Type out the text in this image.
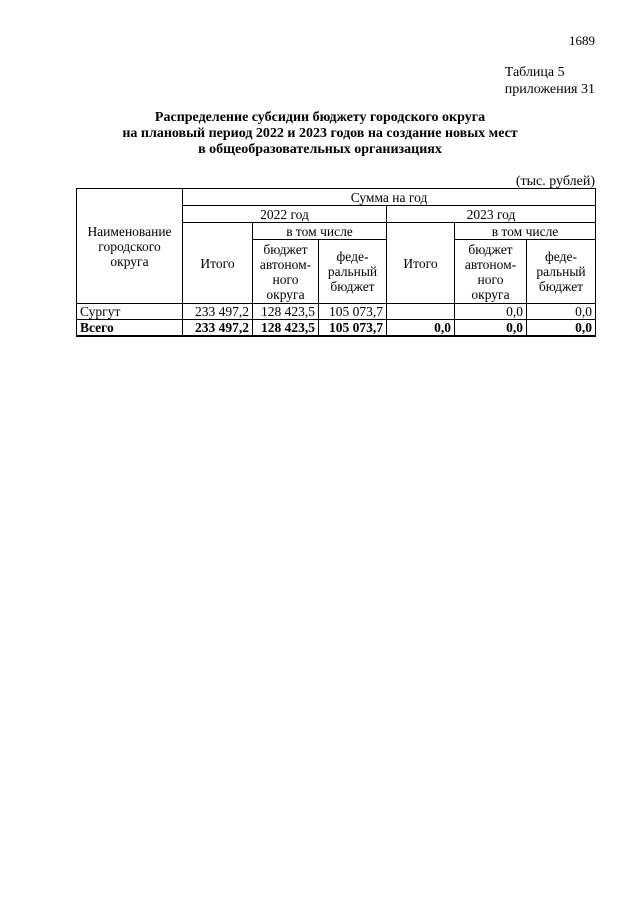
1689
Таблица 5
приложения 31
Распределение субсидии бюджету городского округа
на плановый период 2022 и 2023 годов на создание новых мест
в общеобразовательных организациях
(тыс. рублей)
Наименование городского округа	Сумма на год					
	2022 год			2023 год		
	Итого	в том числе		Итого	в том числе	
		бюджет автоном-ного округа	феде-ральный бюджет		бюджет автоном-ного округа	феде-ральный бюджет
Сургут	233 497,2	128 423,5	105 073,7		0,0	0,0
Всего	233 497,2	128 423,5	105 073,7	0,0	0,0	0,0
